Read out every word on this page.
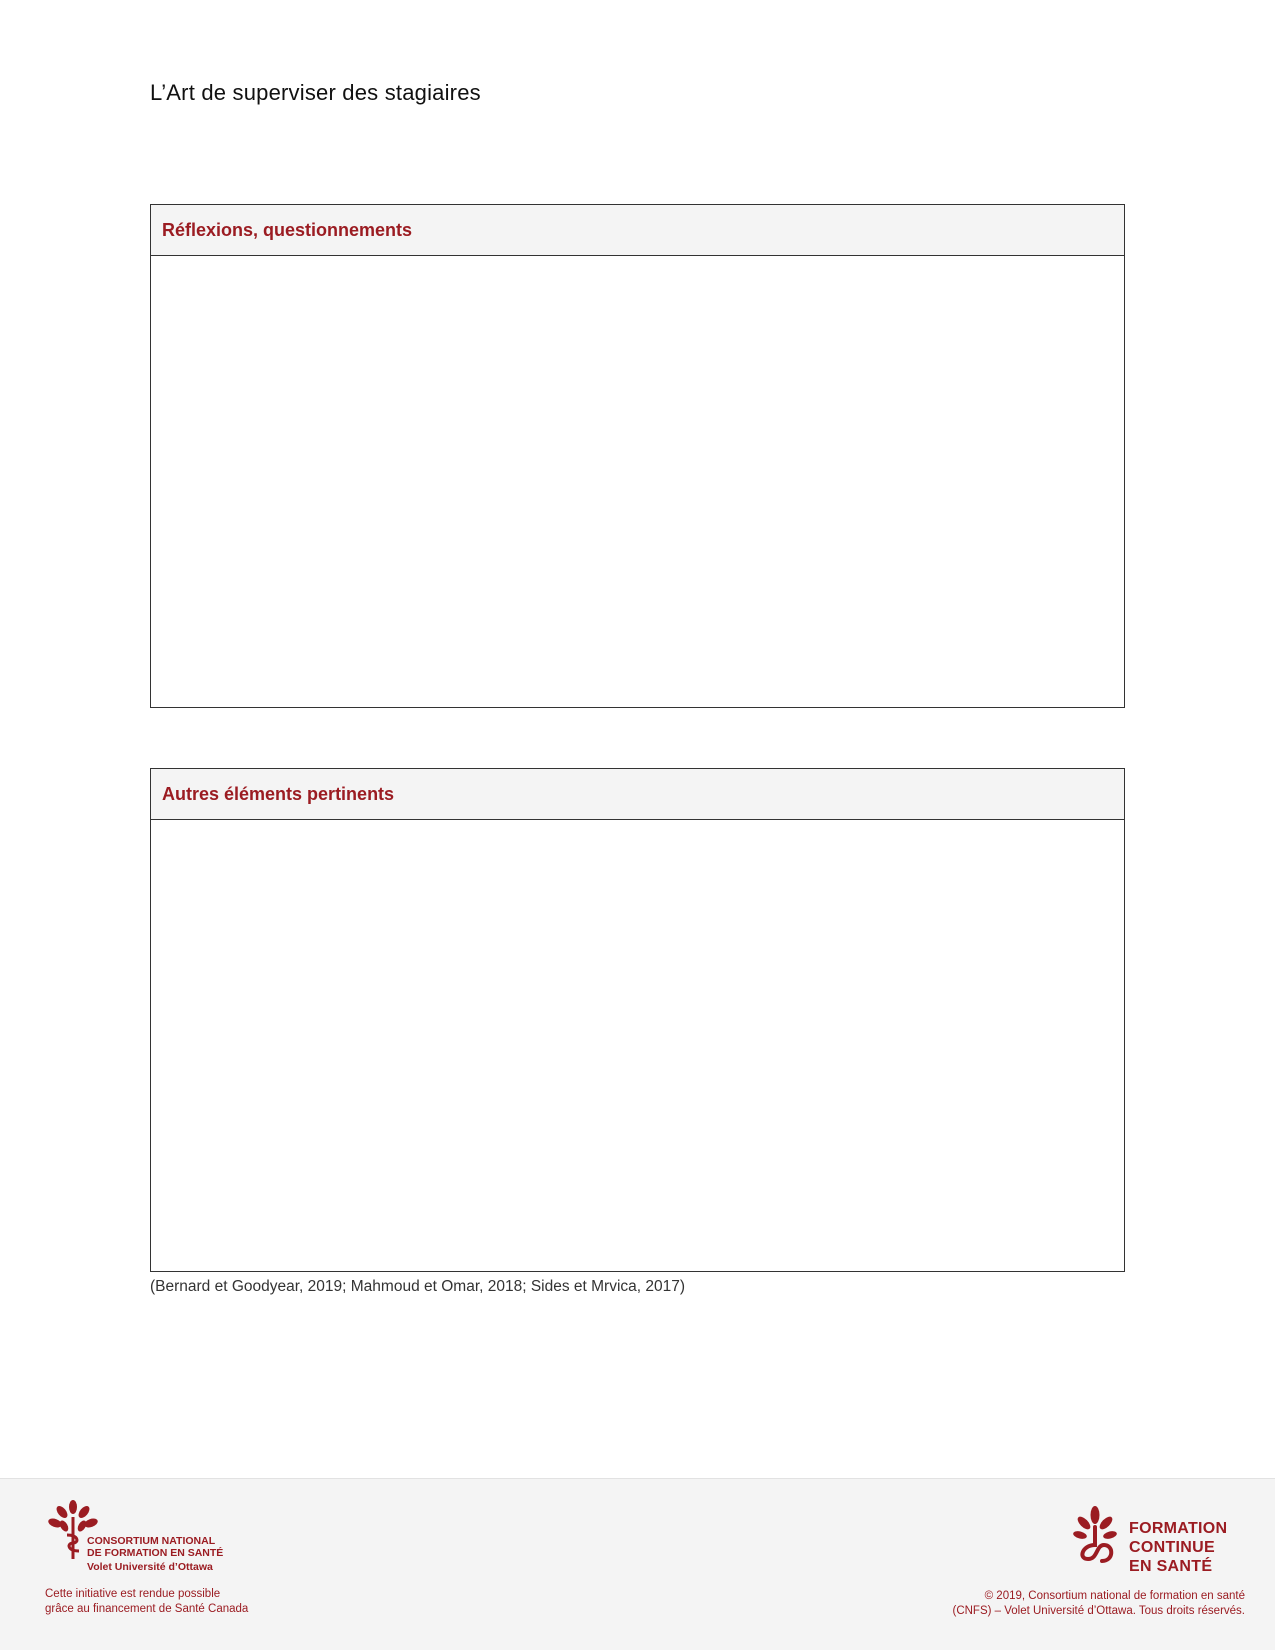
L’Art de superviser des stagiaires
Réflexions, questionnements
Autres éléments pertinents
(Bernard et Goodyear, 2019; Mahmoud et Omar, 2018; Sides et Mrvica, 2017)
CONSORTIUM NATIONAL
DE FORMATION EN SANTÉ
Volet Université d’Ottawa
Cette initiative est rendue possible
grâce au financement de Santé Canada
FORMATION
CONTINUE
EN SANTÉ
© 2019, Consortium national de formation en santé
(CNFS) – Volet Université d’Ottawa. Tous droits réservés.
